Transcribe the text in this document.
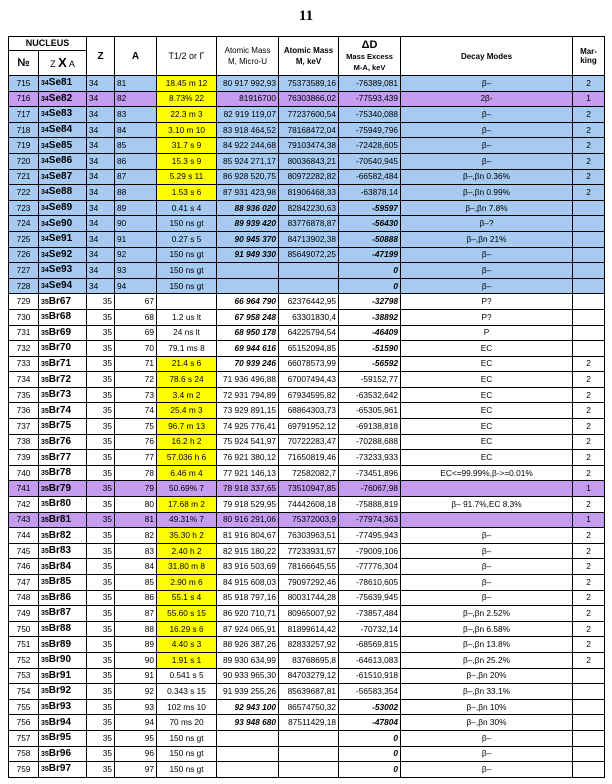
11
NUCLEUS		Z	A	T1/2 or Γ	Atomic Mass
M, Micro-U	Atomic Mass
M, keV	ΔD
Mass Excess
M-A, keV	Decay Modes	Mar-king
№	Z X A								
715	34Se81	34	81	18.45 m 12	80 917 992,93	75373589,16	-76389,081	β–	2
716	34Se82	34	82	8.73% 22	81916700	76303866,02	-77593,439	2β-	1
717	34Se83	34	83	22.3 m 3	82 919 119,07	77237600,54	-75340,088	β–	2
718	34Se84	34	84	3.10 m 10	83 918 464,52	78168472,04	-75949,796	β–	2
719	34Se85	34	85	31.7 s 9	84 922 244,68	79103474,38	-72428,605	β–	2
720	34Se86	34	86	15.3 s 9	85 924 271,17	80036843,21	-70540,945	β–	2
721	34Se87	34	87	5.29 s 11	86 928 520,75	80972282,82	-66582,484	β–,βn 0.36%	2
722	34Se88	34	88	1.53 s 6	87 931 423,98	81906468,33	-63878,14	β–,βn 0.99%	2
723	34Se89	34	89	0.41 s 4	88 936 020	82842230,63	-59597	β–,βn 7.8%	
724	34Se90	34	90	150 ns gt	89 939 420	83776878,87	-56430	β–?	
725	34Se91	34	91	0.27 s 5	90 945 370	84713902,38	-50888	β–,βn 21%	
726	34Se92	34	92	150 ns gt	91 949 330	85649072,25	-47199	β–	
727	34Se93	34	93	150 ns gt			0	β–	
728	34Se94	34	94	150 ns gt			0	β–	
729	35Br67	35	67		66 964 790	62376442,95	-32798	P?	
730	35Br68	35	68	1.2 us lt	67 958 248	63301830,4	-38892	P?	
731	35Br69	35	69	24 ns lt	68 950 178	64225794,54	-46409	P	
732	35Br70	35	70	79.1 ms 8	69 944 616	65152094,85	-51590	EC	
733	35Br71	35	71	21.4 s 6	70 939 246	66078573,99	-56592	EC	2
734	35Br72	35	72	78.6 s 24	71 936 496,88	67007494,43	-59152,77	EC	2
735	35Br73	35	73	3.4 m 2	72 931 794,89	67934595,82	-63532,642	EC	2
736	35Br74	35	74	25.4 m 3	73 929 891,15	68864303,73	-65305,961	EC	2
737	35Br75	35	75	96.7 m 13	74 925 776,41	69791952,12	-69138,818	EC	2
738	35Br76	35	76	16.2 h 2	75 924 541,97	70722283,47	-70288,688	EC	2
739	35Br77	35	77	57.036 h 6	76 921 380,12	71650819,46	-73233,933	EC	2
740	35Br78	35	78	6.46 m 4	77 921 146,13	72582082,7	-73451,896	EC<=99.99%,β->=0.01%	2
741	35Br79	35	79	50.69% 7	78 918 337,65	73510947,85	-76067,98		1
742	35Br80	35	80	17.68 m 2	79 918 529,95	74442608,18	-75888,819	β– 91.7%,EC 8.3%	2
743	35Br81	35	81	49.31% 7	80 916 291,06	75372003,9	-77974,363		1
744	35Br82	35	82	35.30 h 2	81 916 804,67	76303963,51	-77495,943	β–	2
745	35Br83	35	83	2.40 h 2	82 915 180,22	77233931,57	-79009,106	β–	2
746	35Br84	35	84	31.80 m 8	83 916 503,69	78166645,55	-77776,304	β–	2
747	35Br85	35	85	2.90 m 6	84 915 608,03	79097292,46	-78610,605	β–	2
748	35Br86	35	86	55.1 s 4	85 918 797,16	80031744,28	-75639,945	β–	2
749	35Br87	35	87	55.60 s 15	86 920 710,71	80965007,92	-73857,484	β–,βn 2.52%	2
750	35Br88	35	88	16.29 s 6	87 924 065,91	81899614,42	-70732,14	β–,βn 6.58%	2
751	35Br89	35	89	4.40 s 3	88 926 387,26	82833257,92	-68569,815	β–,βn 13.8%	2
752	35Br90	35	90	1.91 s 1	89 930 634,99	83768695,8	-64613,083	β–,βn 25.2%	2
753	35Br91	35	91	0.541 s 5	90 933 965,30	84703279,12	-61510,918	β–,βn 20%	
754	35Br92	35	92	0.343 s 15	91 939 255,26	85639687,81	-56583,354	β–,βn 33.1%	
755	35Br93	35	93	102 ms 10	92 943 100	86574750,32	-53002	β–,βn 10%	
756	35Br94	35	94	70 ms 20	93 948 680	87511429,18	-47804	β–,βn 30%	
757	35Br95	35	95	150 ns gt			0	β–	
758	35Br96	35	96	150 ns gt			0	β–	
759	35Br97	35	97	150 ns gt			0	β–	
